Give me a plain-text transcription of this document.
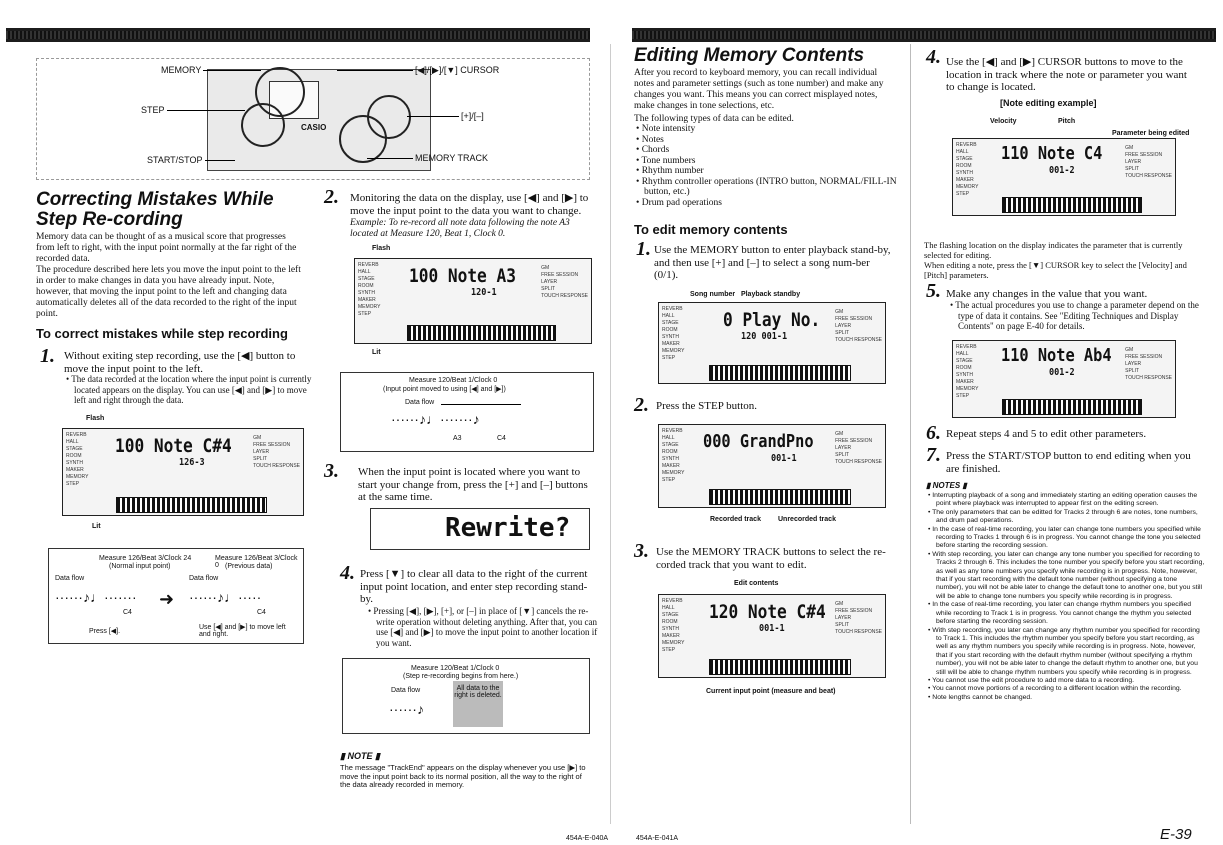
CASIO
MEMORY
STEP
START/STOP
[◀]/[▶]/[▼] CURSOR
[+]/[–]
MEMORY TRACK
Correcting Mistakes While Step Re-cording
Memory data can be thought of as a musical score that progresses from left to right, with the input point normally at the far right of the recorded data.
The procedure described here lets you move the input point to the left in order to make changes in data you have already input. Note, however, that moving the input point to the left and changing data automatically deletes all of the data recorded to the right of the input point.
To correct mistakes while step recording
1. Without exiting step recording, use the [◀] button to move the input point to the left.
• The data recorded at the location where the input point is currently located appears on the display. You can use [◀] and [▶] to move left and right through the data.
Flash
100 Note C#4
126-3
REVERB
HALL
STAGE
ROOM
SYNTH
MAKER
MEMORY
STEP
GM
FREE SESSION
LAYER
SPLIT
TOUCH RESPONSE
Lit
Measure 126/Beat 3/Clock 24
(Normal input point)
Measure 126/Beat 3/Clock 0 (Previous data)
Data flow	Data flow
······♪♩······· ➜ ······♪♩·····
C4	C4
Press [◀].
Use [◀] and [▶] to move left and right.
2. Monitoring the data on the display, use [◀] and [▶] to move the input point to the data you want to change.
Example: To re-record all note data following the note A3 located at Measure 120, Beat 1, Clock 0.
Flash
100 Note A3
120-1
REVERB
HALL
STAGE
ROOM
SYNTH
MAKER
MEMORY
STEP
GM
FREE SESSION
LAYER
SPLIT
TOUCH RESPONSE
Lit
Measure 120/Beat 1/Clock 0
(Input point moved to using [◀] and [▶])
Data flow
······♪♩·······♪
A3	C4
3. When the input point is located where you want to start your change from, press the [+] and [–] buttons at the same time.
Rewrite?
4. Press [▼] to clear all data to the right of the current input point location, and enter step recording stand-by.
• Pressing [◀], [▶], [+], or [–] in place of [▼] cancels the re-write operation without deleting anything. After that, you can use [◀] and [▶] to move the input point to another location if you want.
Measure 120/Beat 1/Clock 0
(Step re-recording begins from here.)
Data flow
······♪
All data to the right is deleted.
▮ NOTE ▮
The message "TrackEnd" appears on the display whenever you use [▶] to move the input point back to its normal position, all the way to the right of the data already recorded in memory.
454A-E-040A
Editing Memory Contents
After you record to keyboard memory, you can recall individual notes and parameter settings (such as tone number) and make any changes you want. This means you can correct misplayed notes, make changes in tone selections, etc.
The following types of data can be edited.
• Note intensity
• Notes
• Chords
• Tone numbers
• Rhythm number
• Rhythm controller operations (INTRO button, NORMAL/FILL-IN button, etc.)
• Drum pad operations
To edit memory contents
1. Use the MEMORY button to enter playback stand-by, and then use [+] and [–] to select a song num-ber (0/1).
Song number   Playback standby
0 Play No.
120 001-1
REVERB
HALL
STAGE
ROOM
SYNTH
MAKER
MEMORY
STEP
GM
FREE SESSION
LAYER
SPLIT
TOUCH RESPONSE
2. Press the STEP button.
000 GrandPno
001-1
REVERB
HALL
STAGE
ROOM
SYNTH
MAKER
MEMORY
STEP
GM
FREE SESSION
LAYER
SPLIT
TOUCH RESPONSE
Recorded track Unrecorded track
3. Use the MEMORY TRACK buttons to select the re-corded track that you want to edit.
Edit contents
120 Note C#4
001-1
REVERB
HALL
STAGE
ROOM
SYNTH
MAKER
MEMORY
STEP
GM
FREE SESSION
LAYER
SPLIT
TOUCH RESPONSE
Current input point (measure and beat)
454A-E-041A
4. Use the [◀] and [▶] CURSOR buttons to move to the location in track where the note or parameter you want to change is located.
[Note editing example]
Velocity	Pitch
Parameter being edited
110 Note C4
001-2
REVERB
HALL
STAGE
ROOM
SYNTH
MAKER
MEMORY
STEP
GM
FREE SESSION
LAYER
SPLIT
TOUCH RESPONSE
The flashing location on the display indicates the parameter that is currently selected for editing.
When editing a note, press the [▼] CURSOR key to select the [Velocity] and [Pitch] parameters.
5. Make any changes in the value that you want.
• The actual procedures you use to change a parameter depend on the type of data it contains. See "Editing Techniques and Display Contents" on page E-40 for details.
110 Note Ab4
001-2
REVERB
HALL
STAGE
ROOM
SYNTH
MAKER
MEMORY
STEP
GM
FREE SESSION
LAYER
SPLIT
TOUCH RESPONSE
6. Repeat steps 4 and 5 to edit other parameters.
7. Press the START/STOP button to end editing when you are finished.
▮ NOTES ▮
• Interrupting playback of a song and immediately starting an editing operation causes the point where playback was interrupted to appear first on the editing screen.
• The only parameters that can be editted for Tracks 2 through 6 are notes, tone numbers, and drum pad operations.
• In the case of real-time recording, you later can change tone numbers you specified while recording to Tracks 1 through 6 is in progress. You cannot change the tone you selected before starting the recording session.
• With step recording, you later can change any tone number you specified for recording to Tracks 2 through 6. This includes the tone number you specify before you start recording, as well as any tone numbers you specify while recording is in progress. Note, however, that if you start recording with the default tone number (without specifying a tone number), you will not be able later to change the default tone to another one, but you still will be able to change tone numbers you specify while recording is in progress.
• In the case of real-time recording, you later can change rhythm numbers you specified while recording to Track 1 is in progress. You cannot change the rhythm you selected before starting the recording session.
• With step recording, you later can change any rhythm number you specified for recording to Track 1. This includes the rhythm number you specify before you start recording, as well as any rhythm numbers you specify while recording is in progress. Note, however, that if you start recording with the default rhythm number (without specifying a rhythm number), you will not be able later to change the default rhythm to another one, but you still will be able to change rhythm numbers you specify while recording is in progress.
• You cannot use the edit procedure to add more data to a recording.
• You cannot move portions of a recording to a different location within the recording.
• Note lengths cannot be changed.
E-39
